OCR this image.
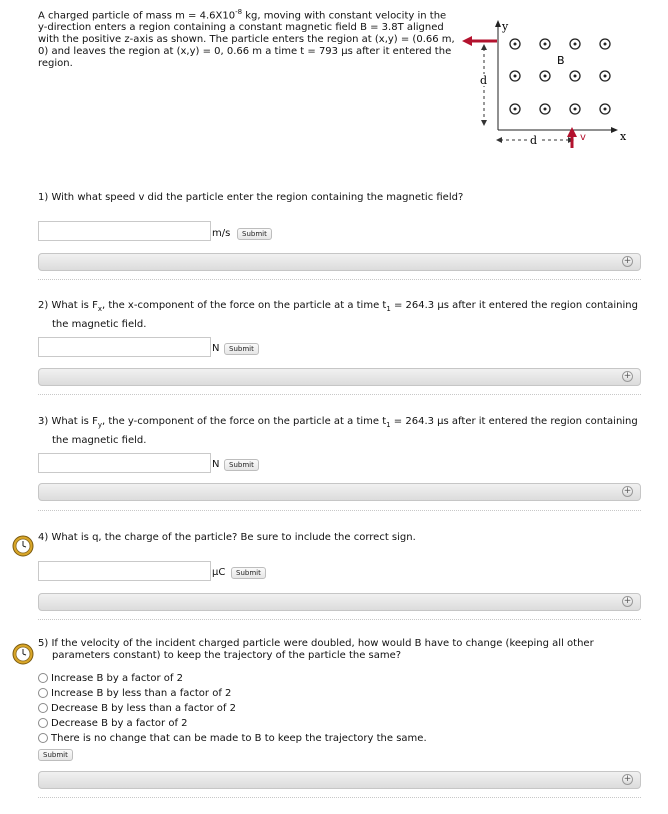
A charged particle of mass $m = 4.6X10^{-8}$ kg, moving with constant velocity in the y-direction enters a region containing a constant magnetic field B = 3.8T aligned with the positive z-axis as shown. The particle enters the region at (x,y) = (0.66 m, 0) and leaves the region at (x,y) = 0, 0.66 m a time t = 793 μs after it entered the region.
y
x
d
d	v
B
1) With what speed v did the particle enter the region containing the magnetic field?
m/s	Submit
+
2) What is $F_x$, the x-component of the force on the particle at a time $t_1 = 264.3$ μs after it entered the region containing
the magnetic field.
N	Submit
+
3) What is $F_y$, the y-component of the force on the particle at a time $t_1 = 264.3$ μs after it entered the region containing
the magnetic field.
N	Submit
+
4) What is q, the charge of the particle? Be sure to include the correct sign.
μC	Submit
+
5) If the velocity of the incident charged particle were doubled, how would B have to change (keeping all other
parameters constant) to keep the trajectory of the particle the same?
Increase B by a factor of 2
Increase B by less than a factor of 2
Decrease B by less than a factor of 2
Decrease B by a factor of 2
There is no change that can be made to B to keep the trajectory the same.
Submit
+
